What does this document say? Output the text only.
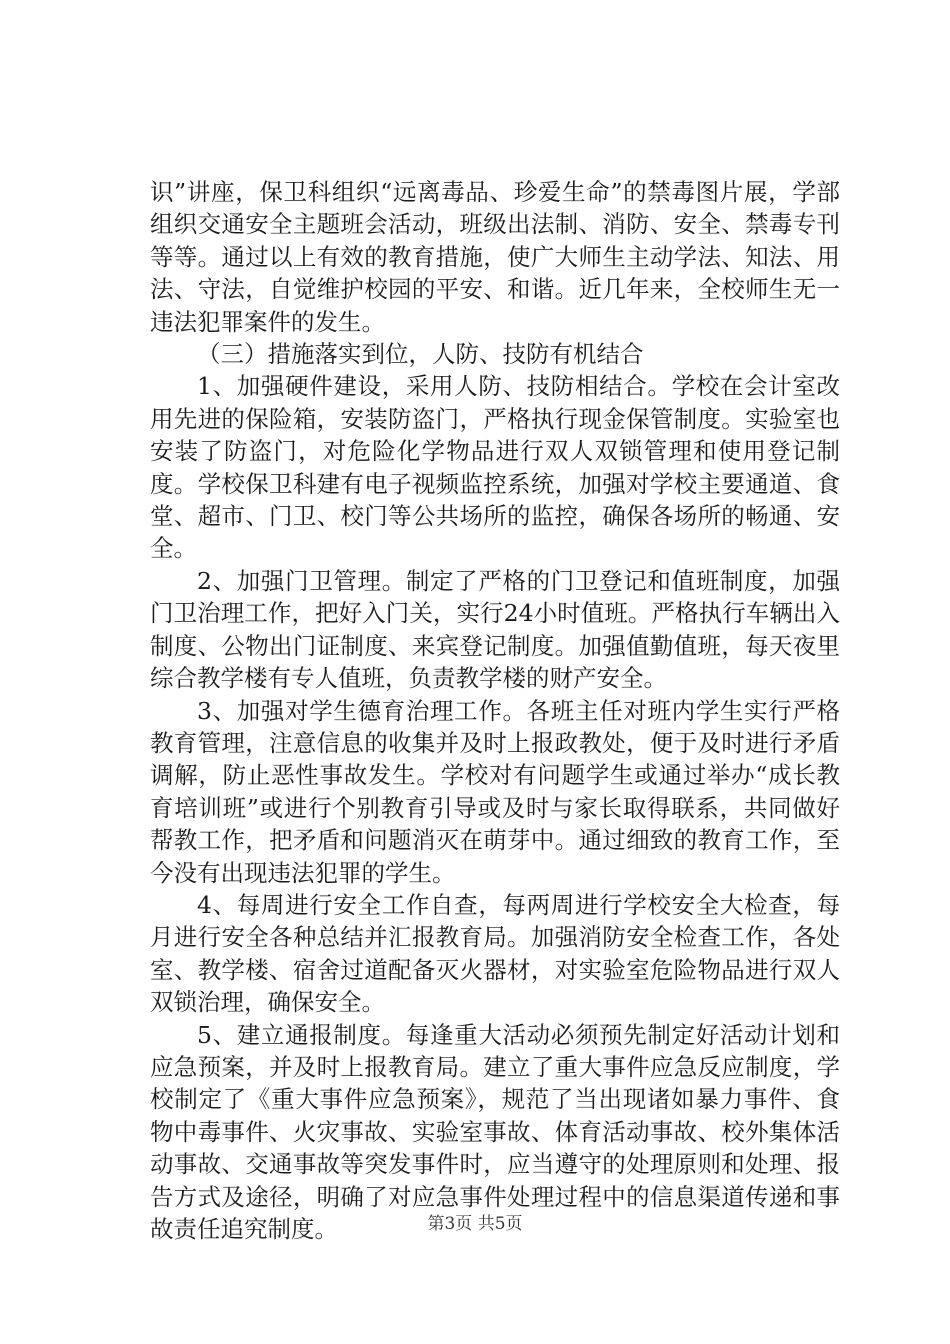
识”讲座，保卫科组织“远离毒品、珍爱生命”的禁毒图片展，学部组织交通安全主题班会活动，班级出法制、消防、安全、禁毒专刊等等。通过以上有效的教育措施，使广大师生主动学法、知法、用法、守法，自觉维护校园的平安、和谐。近几年来，全校师生无一违法犯罪案件的发生。

（三）措施落实到位，人防、技防有机结合

1、加强硬件建设，采用人防、技防相结合。学校在会计室改用先进的保险箱，安装防盗门，严格执行现金保管制度。实验室也安装了防盗门，对危险化学物品进行双人双锁管理和使用登记制度。学校保卫科建有电子视频监控系统，加强对学校主要通道、食堂、超市、门卫、校门等公共场所的监控，确保各场所的畅通、安全。

2、加强门卫管理。制定了严格的门卫登记和值班制度，加强门卫治理工作，把好入门关，实行24小时值班。严格执行车辆出入制度、公物出门证制度、来宾登记制度。加强值勤值班，每天夜里综合教学楼有专人值班，负责教学楼的财产安全。

3、加强对学生德育治理工作。各班主任对班内学生实行严格教育管理，注意信息的收集并及时上报政教处，便于及时进行矛盾调解，防止恶性事故发生。学校对有问题学生或通过举办“成长教育培训班”或进行个别教育引导或及时与家长取得联系，共同做好帮教工作，把矛盾和问题消灭在萌芽中。通过细致的教育工作，至今没有出现违法犯罪的学生。

4、每周进行安全工作自查，每两周进行学校安全大检查，每月进行安全各种总结并汇报教育局。加强消防安全检查工作，各处室、教学楼、宿舍过道配备灭火器材，对实验室危险物品进行双人双锁治理，确保安全。

5、建立通报制度。每逢重大活动必须预先制定好活动计划和应急预案，并及时上报教育局。建立了重大事件应急反应制度，学校制定了《重大事件应急预案》，规范了当出现诸如暴力事件、食物中毒事件、火灾事故、实验室事故、体育活动事故、校外集体活动事故、交通事故等突发事件时，应当遵守的处理原则和处理、报告方式及途径，明确了对应急事件处理过程中的信息渠道传递和事故责任追究制度。	第3页 共5页
